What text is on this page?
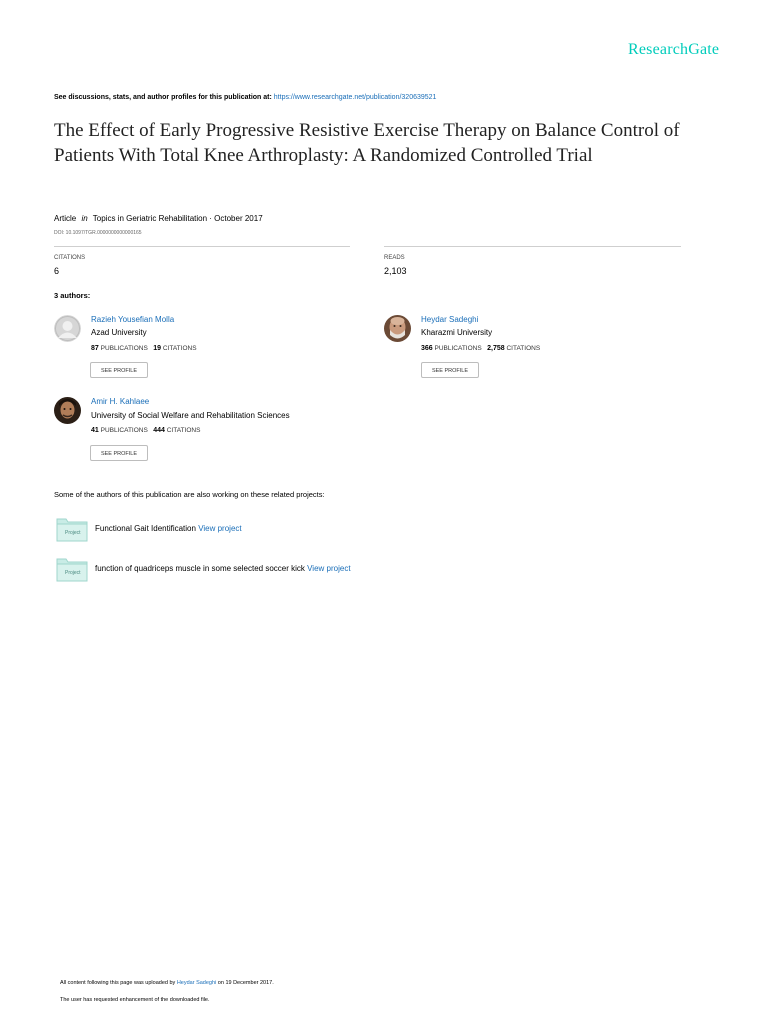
ResearchGate
See discussions, stats, and author profiles for this publication at: https://www.researchgate.net/publication/320639521
The Effect of Early Progressive Resistive Exercise Therapy on Balance Control of Patients With Total Knee Arthroplasty: A Randomized Controlled Trial
Article in Topics in Geriatric Rehabilitation · October 2017
DOI: 10.1097/TGR.0000000000000165
CITATIONS
6
READS
2,103
3 authors:
Razieh Yousefian Molla
Azad University
87 PUBLICATIONS 19 CITATIONS
SEE PROFILE
Heydar Sadeghi
Kharazmi University
366 PUBLICATIONS 2,758 CITATIONS
SEE PROFILE
Amir H. Kahlaee
University of Social Welfare and Rehabilitation Sciences
41 PUBLICATIONS 444 CITATIONS
SEE PROFILE
Some of the authors of this publication are also working on these related projects:
Project Functional Gait Identification View project
Project function of quadriceps muscle in some selected soccer kick View project
All content following this page was uploaded by Heydar Sadeghi on 19 December 2017.
The user has requested enhancement of the downloaded file.
